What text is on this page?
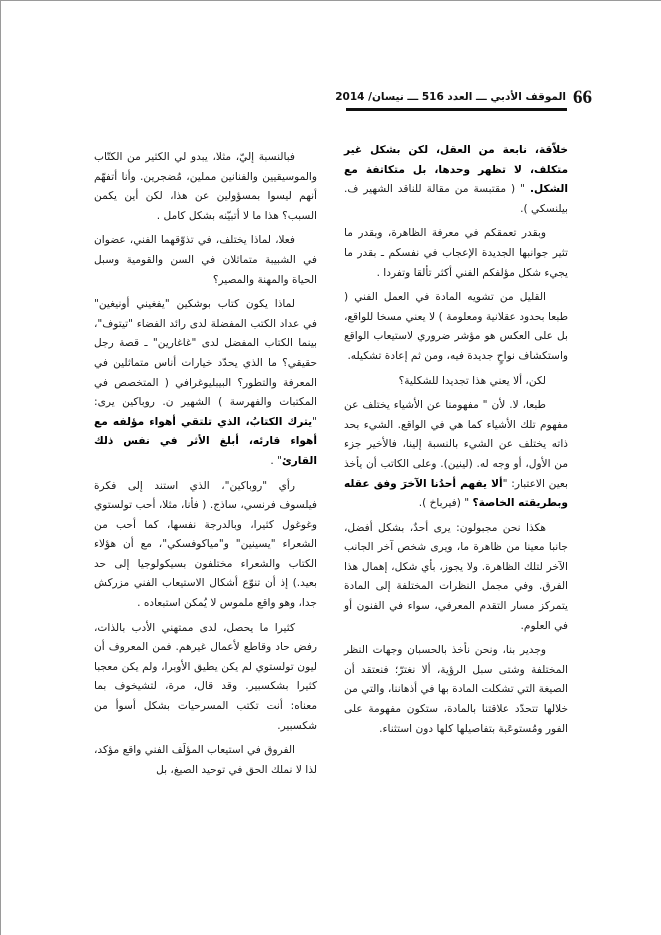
الموقف الأدبي ـــ العدد 516 ـــ نيسان/ 2014 66

خلاّقة، نابعة من العقل، لكن بشكل غير متكلف، لا تظهر وحدها، بل متكاتفة مع الشكل. " ( مقتبسة من مقالة للناقد الشهير ف. بيلنسكي ).

وبقدر تعمقكم في معرفة الظاهرة، وبقدر ما تثير جوانبها الجديدة الإعجاب في نفسكم ـ بقدر ما يجيء شكل مؤلفكم الفني أكثر تألقا وتفردا .

القليل من تشويه المادة في العمل الفني ( طبعا بحدود عقلانية ومعلومة ) لا يعني مسخا للواقع، بل على العكس هو مؤشر ضروري لاستيعاب الواقع واستكشاف نواحٍ جديدة فيه، ومن ثم إعادة تشكيله.

لكن، ألا يعني هذا تجديدا للشكلية؟

طبعا، لا. لأن " مفهومنا عن الأشياء يختلف عن مفهوم تلك الأشياء كما هي في الواقع. الشيء بحد ذاته يختلف عن الشيء بالنسبة إلينا، فالأخير جزء من الأول، أو وجه له. (لينين). وعلى الكاتب أن يأخذ بعين الاعتبار: "ألا يفهم أحدُنا الآخرَ وفق عقله وبطريقته الخاصة؟ " (فيرباخ ).

هكذا نحن مجبولون: يرى أحدٌ، بشكل أفضل، جانبا معينا من ظاهرة ما، ويرى شخص آخر الجانب الآخر لتلك الظاهرة. ولا يجوز، بأي شكل، إهمال هذا الفرق. وفي مجمل النظرات المختلفة إلى المادة يتمركز مسار التقدم المعرفي، سواء في الفنون أو في العلوم.

وجدير بنا، ونحن نأخذ بالحسبان وجهات النظر المختلفة وشتى سبل الرؤية، ألا نغترّ؛ فنعتقد أن الصيغة التي تشكلت المادة بها في أذهاننا، والتي من خلالها تتحدّد علاقتنا بالمادة، ستكون مفهومة على الفور ومُستوعَبة بتفاصيلها كلها دون استثناء.

فبالنسبة إليّ، مثلا، يبدو لي الكثير من الكتّاب والموسيقيين والفنانين مملين، مُضجرين. وأنا أتفهّم أنهم ليسوا بمسؤولين عن هذا، لكن أين يكمن السبب؟ هذا ما لا أتبيّنه بشكل كامل .

فعلا، لماذا يختلف، في تذوّقهما الفني، عضوان في الشبيبة متماثلان في السن والقومية وسبل الحياة والمهنة والمصير؟

لماذا يكون كتاب بوشكين "يفغيني أونيغين" في عداد الكتب المفضلة لدى رائد الفضاء "تيتوف"، بينما الكتاب المفضل لدى "غاغارين" ـ قصة رجل حقيقي؟ ما الذي يحدّد خيارات أناس متماثلين في المعرفة والتطور؟ البيبليوغرافي ( المتخصص في المكتبات والفهرسة ) الشهير ن. روباكين يرى: "يترك الكتابُ، الذي تلتقي أهواء مؤلفه مع أهواء قارئه، أبلغ الأثر في نفس ذلك القارئ" .

رأي "روباكين"، الذي استند إلى فكرة فيلسوف فرنسي، ساذج. ( فأنا، مثلا، أحب تولستوي وغوغول كثيرا، وبالدرجة نفسها، كما أحب من الشعراء "يسينين" و"مياكوفسكي"، مع أن هؤلاء الكتاب والشعراء مختلفون بسيكولوجيا إلى حد بعيد.) إذ أن تنوّع أشكال الاستيعاب الفني مزركش جدا، وهو واقع ملموس لا يُمكن استبعاده .

كثيرا ما يحصل، لدى ممتهني الأدب بالذات، رفض حاد وقاطع لأعمال غيرهم. فمن المعروف أن ليون تولستوي لم يكن يطيق الأوبرا، ولم يكن معجبا كثيرا بشكسبير. وقد قال، مرة، لتشيخوف بما معناه: أنت تكتب المسرحيات بشكل أسوأ من شكسبير.

الفروق في استيعاب المؤلَف الفني واقع مؤكد، لذا لا نملك الحق في توحيد الصيغ، بل
